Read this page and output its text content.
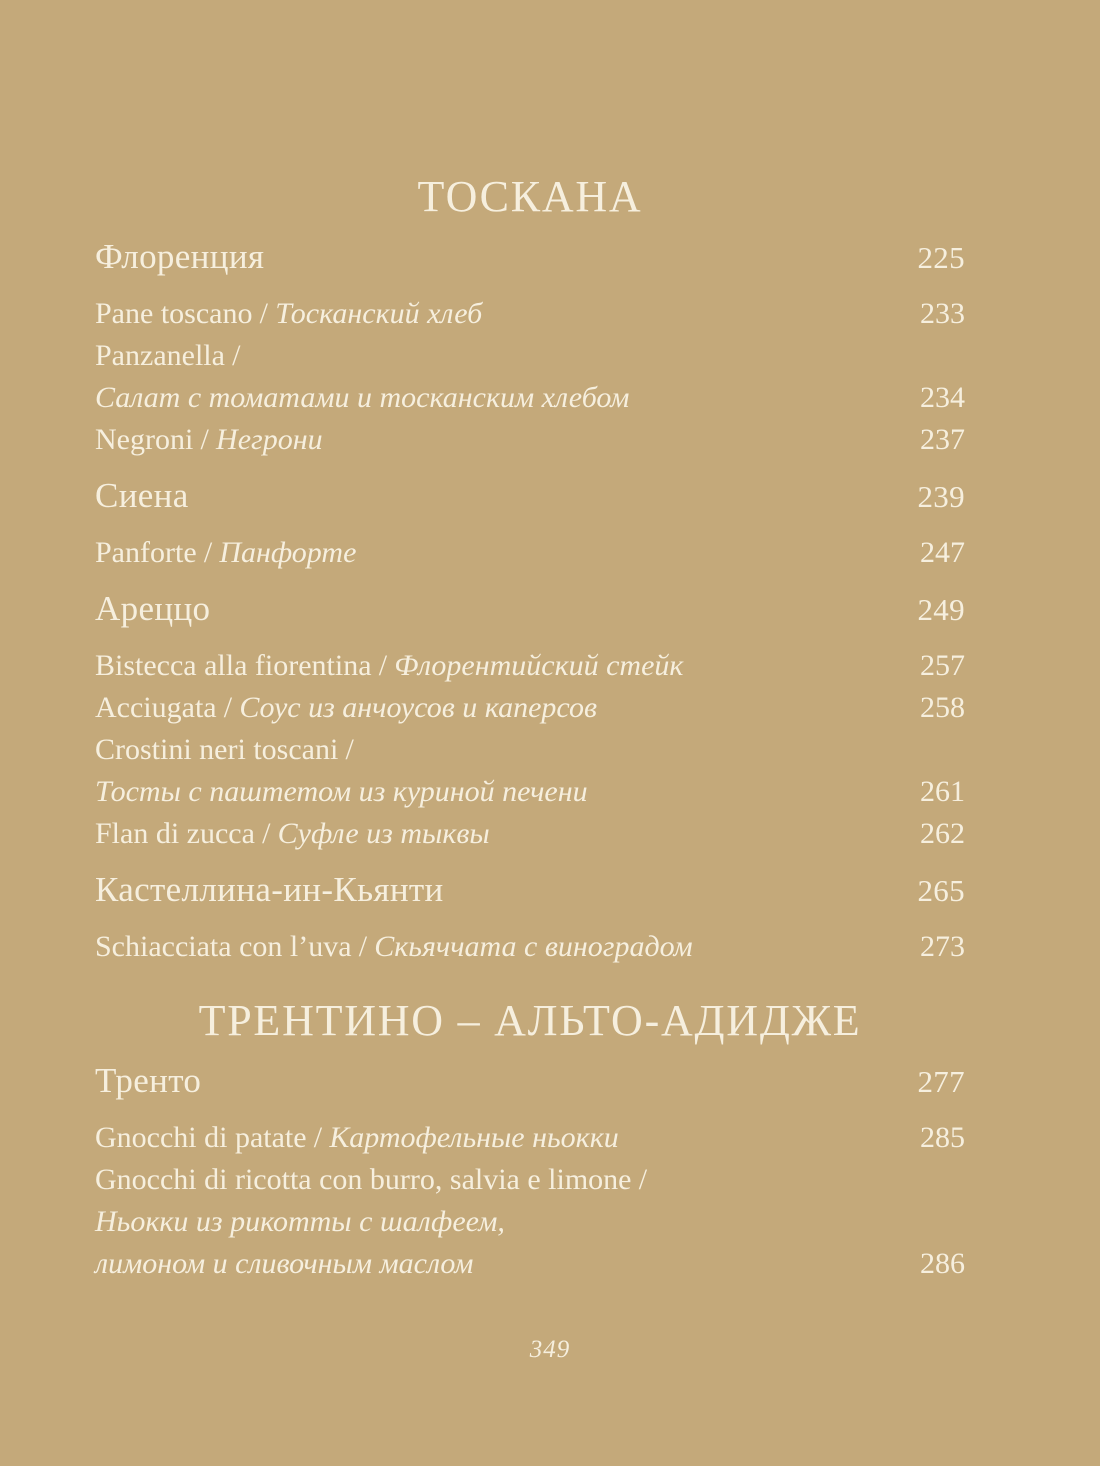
ТОСКАНА
Флоренция	225
Pane toscano / Тосканский хлеб	233
Panzanella /
Салат с томатами и тосканским хлебом	234
Negroni / Негрони	237
Сиена	239
Panforte / Панфорте	247
Ареццо	249
Bistecca alla fiorentina / Флорентийский стейк	257
Acciugata / Соус из анчоусов и каперсов	258
Crostini neri toscani /
Тосты с паштетом из куриной печени	261
Flan di zucca / Суфле из тыквы	262
Кастеллина-ин-Кьянти	265
Schiacciata con l’uva / Скьяччата с виноградом	273
ТРЕНТИНО – АЛЬТО-АДИДЖЕ
Тренто	277
Gnocchi di patate / Картофельные ньокки	285
Gnocchi di ricotta con burro, salvia e limone /
Ньокки из рикотты с шалфеем,
лимоном и сливочным маслом	286
349
